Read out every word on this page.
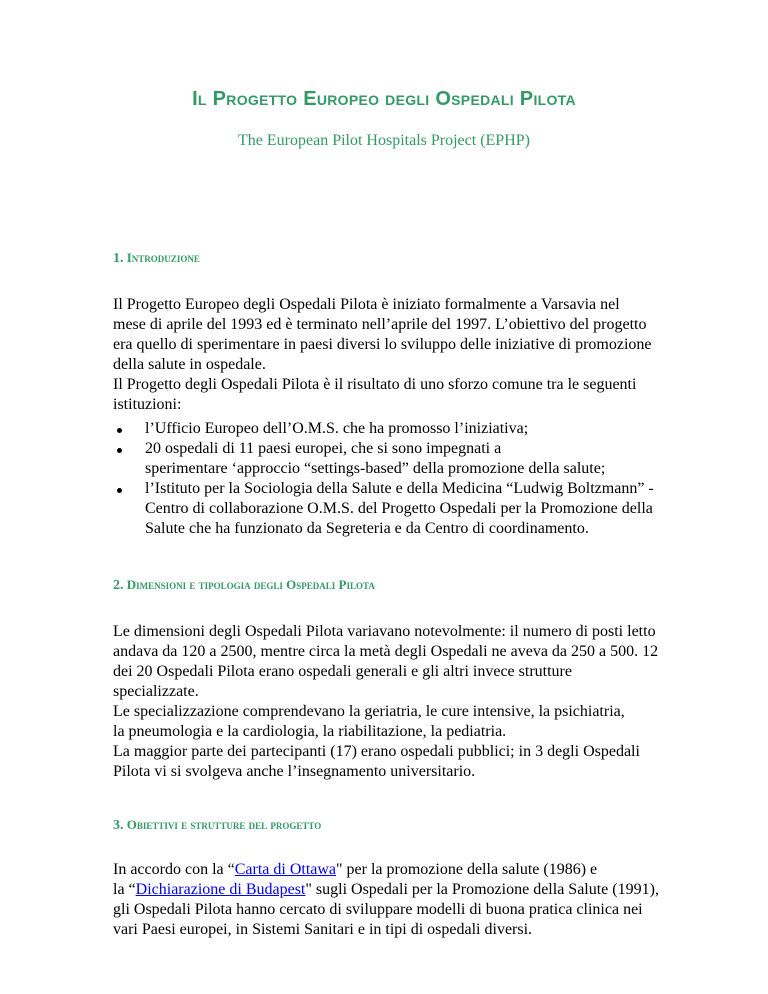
Il Progetto Europeo degli Ospedali Pilota
The European Pilot Hospitals Project (EPHP)
1. Introduzione
Il Progetto Europeo degli Ospedali Pilota è iniziato formalmente a Varsavia nel
mese di aprile del 1993 ed è terminato nell’aprile del 1997. L’obiettivo del progetto
era quello di sperimentare in paesi diversi lo sviluppo delle iniziative di promozione
della salute in ospedale.
Il Progetto degli Ospedali Pilota è il risultato di uno sforzo comune tra le seguenti
istituzioni:
l’Ufficio Europeo dell’O.M.S. che ha promosso l’iniziativa;
20 ospedali di 11 paesi europei, che si sono impegnati a
sperimentare ‘approccio “settings-based” della promozione della salute;
l’Istituto per la Sociologia della Salute e della Medicina “Ludwig Boltzmann” -
Centro di collaborazione O.M.S. del Progetto Ospedali per la Promozione della
Salute che ha funzionato da Segreteria e da Centro di coordinamento.
2. Dimensioni e tipologia degli Ospedali Pilota
Le dimensioni degli Ospedali Pilota variavano notevolmente: il numero di posti letto
andava da 120 a 2500, mentre circa la metà degli Ospedali ne aveva da 250 a 500. 12
dei 20 Ospedali Pilota erano ospedali generali e gli altri invece strutture
specializzate.
Le specializzazione comprendevano la geriatria, le cure intensive, la psichiatria,
la pneumologia e la cardiologia, la riabilitazione, la pediatria.
La maggior parte dei partecipanti (17) erano ospedali pubblici; in 3 degli Ospedali
Pilota vi si svolgeva anche l’insegnamento universitario.
3. Obiettivi e strutture del progetto
In accordo con la “Carta di Ottawa" per la promozione della salute (1986) e
la “Dichiarazione di Budapest" sugli Ospedali per la Promozione della Salute (1991),
gli Ospedali Pilota hanno cercato di sviluppare modelli di buona pratica clinica nei
vari Paesi europei, in Sistemi Sanitari e in tipi di ospedali diversi.
